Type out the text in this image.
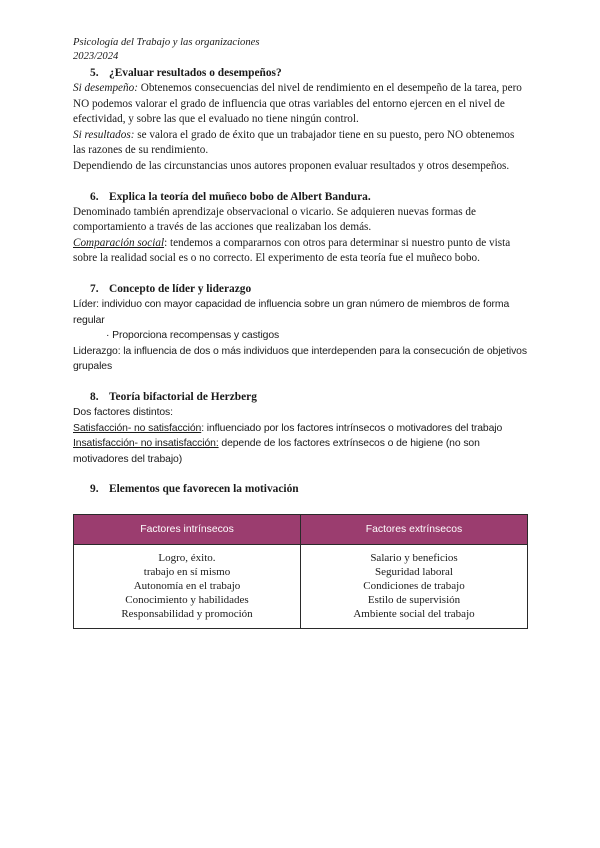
Psicología del Trabajo y las organizaciones
2023/2024
5. ¿Evaluar resultados o desempeños?

Si desempeño: Obtenemos consecuencias del nivel de rendimiento en el desempeño de la tarea, pero NO podemos valorar el grado de influencia que otras variables del entorno ejercen en el nivel de efectividad, y sobre las que el evaluado no tiene ningún control.

Si resultados: se valora el grado de éxito que un trabajador tiene en su puesto, pero NO obtenemos las razones de su rendimiento.

Dependiendo de las circunstancias unos autores proponen evaluar resultados y otros desempeños.

6. Explica la teoría del muñeco bobo de Albert Bandura.

Denominado también aprendizaje observacional o vicario. Se adquieren nuevas formas de comportamiento a través de las acciones que realizaban los demás.

Comparación social: tendemos a compararnos con otros para determinar si nuestro punto de vista sobre la realidad social es o no correcto. El experimento de esta teoría fue el muñeco bobo.

7. Concepto de líder y liderazgo

Líder: individuo con mayor capacidad de influencia sobre un gran número de miembros de forma regular

· Proporciona recompensas y castigos

Liderazgo: la influencia de dos o más individuos que interdependen para la consecución de objetivos grupales

8. Teoría bifactorial de Herzberg

Dos factores distintos:

Satisfacción- no satisfacción: influenciado por los factores intrínsecos o motivadores del trabajo

Insatisfacción- no insatisfacción: depende de los factores extrínsecos o de higiene (no son motivadores del trabajo)

9. Elementos que favorecen la motivación
Factores intrínsecos	Factores extrínsecos

Logro, éxito.
trabajo en sí mismo
Autonomía en el trabajo
Conocimiento y habilidades
Responsabilidad y promoción	Salario y beneficios
Seguridad laboral
Condiciones de trabajo
Estilo de supervisión
Ambiente social del trabajo
